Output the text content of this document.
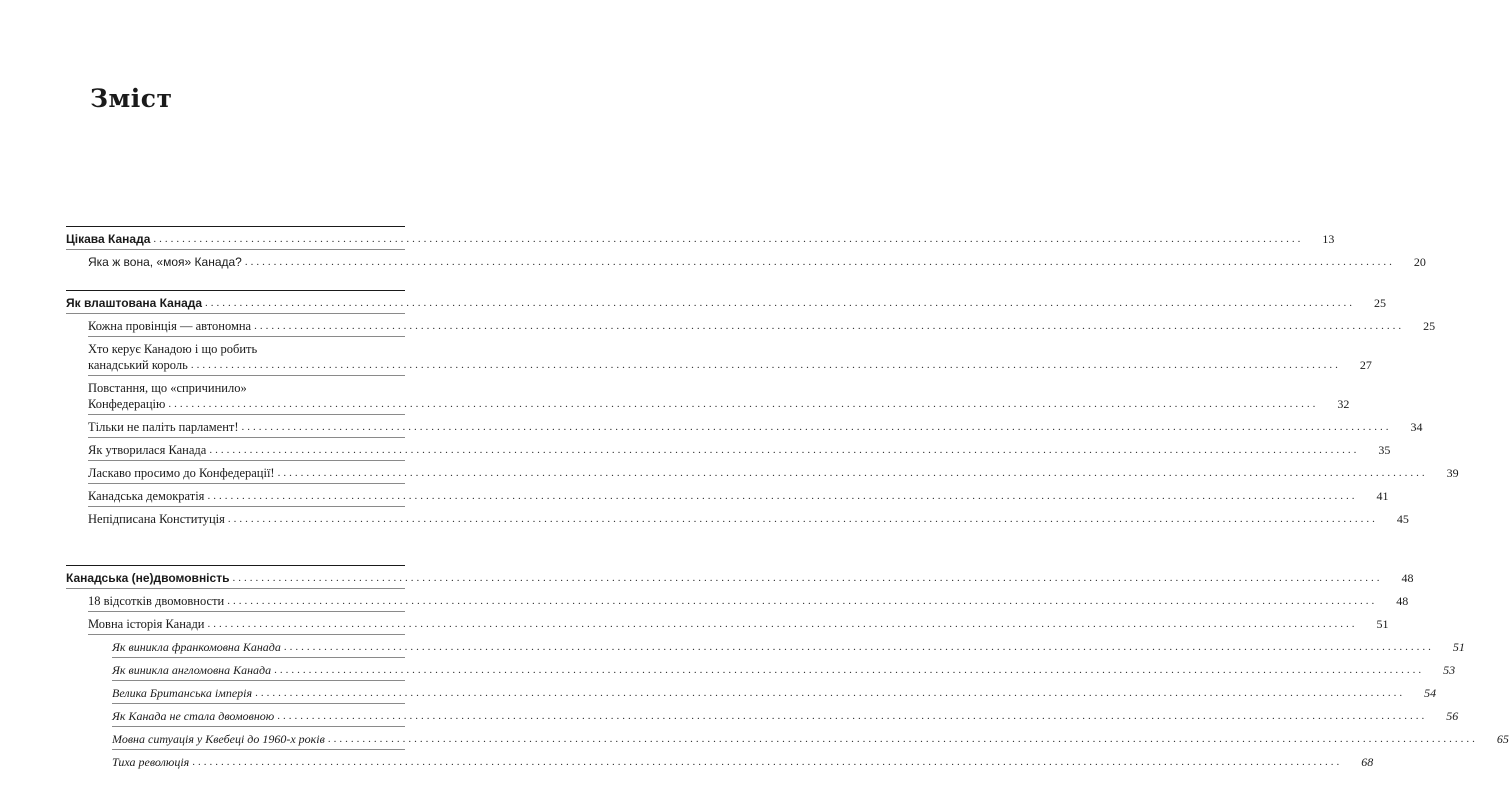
Зміст
Цікава Канада ........................................................................................................................................................................................................	13
Яка ж вона, «моя» Канада? ........................................................................................................................................................................................................	20
Як влаштована Канада ........................................................................................................................................................................................................	25
Кожна провінція — автономна ........................................................................................................................................................................................................	25
Хто керує Канадою і що робить
канадський король ........................................................................................................................................................................................................	27
Повстання, що «спричинило»
Конфедерацію ........................................................................................................................................................................................................	32
Тільки не паліть парламент! ........................................................................................................................................................................................................	34
Як утворилася Канада ........................................................................................................................................................................................................	35
Ласкаво просимо до Конфедерації! ........................................................................................................................................................................................................	39
Канадська демократія ........................................................................................................................................................................................................	41
Непідписана Конституція ........................................................................................................................................................................................................	45
Канадська (не)двомовність ........................................................................................................................................................................................................	48
18 відсотків двомовности ........................................................................................................................................................................................................	48
Мовна історія Канади ........................................................................................................................................................................................................	51
Як виникла франкомовна Канада ........................................................................................................................................................................................................	51
Як виникла англомовна Канада ........................................................................................................................................................................................................	53
Велика Британська імперія ........................................................................................................................................................................................................	54
Як Канада не стала двомовною ........................................................................................................................................................................................................	56
Мовна ситуація у Квебеці до 1960-х років ........................................................................................................................................................................................................	65
Тиха революція ........................................................................................................................................................................................................	68
